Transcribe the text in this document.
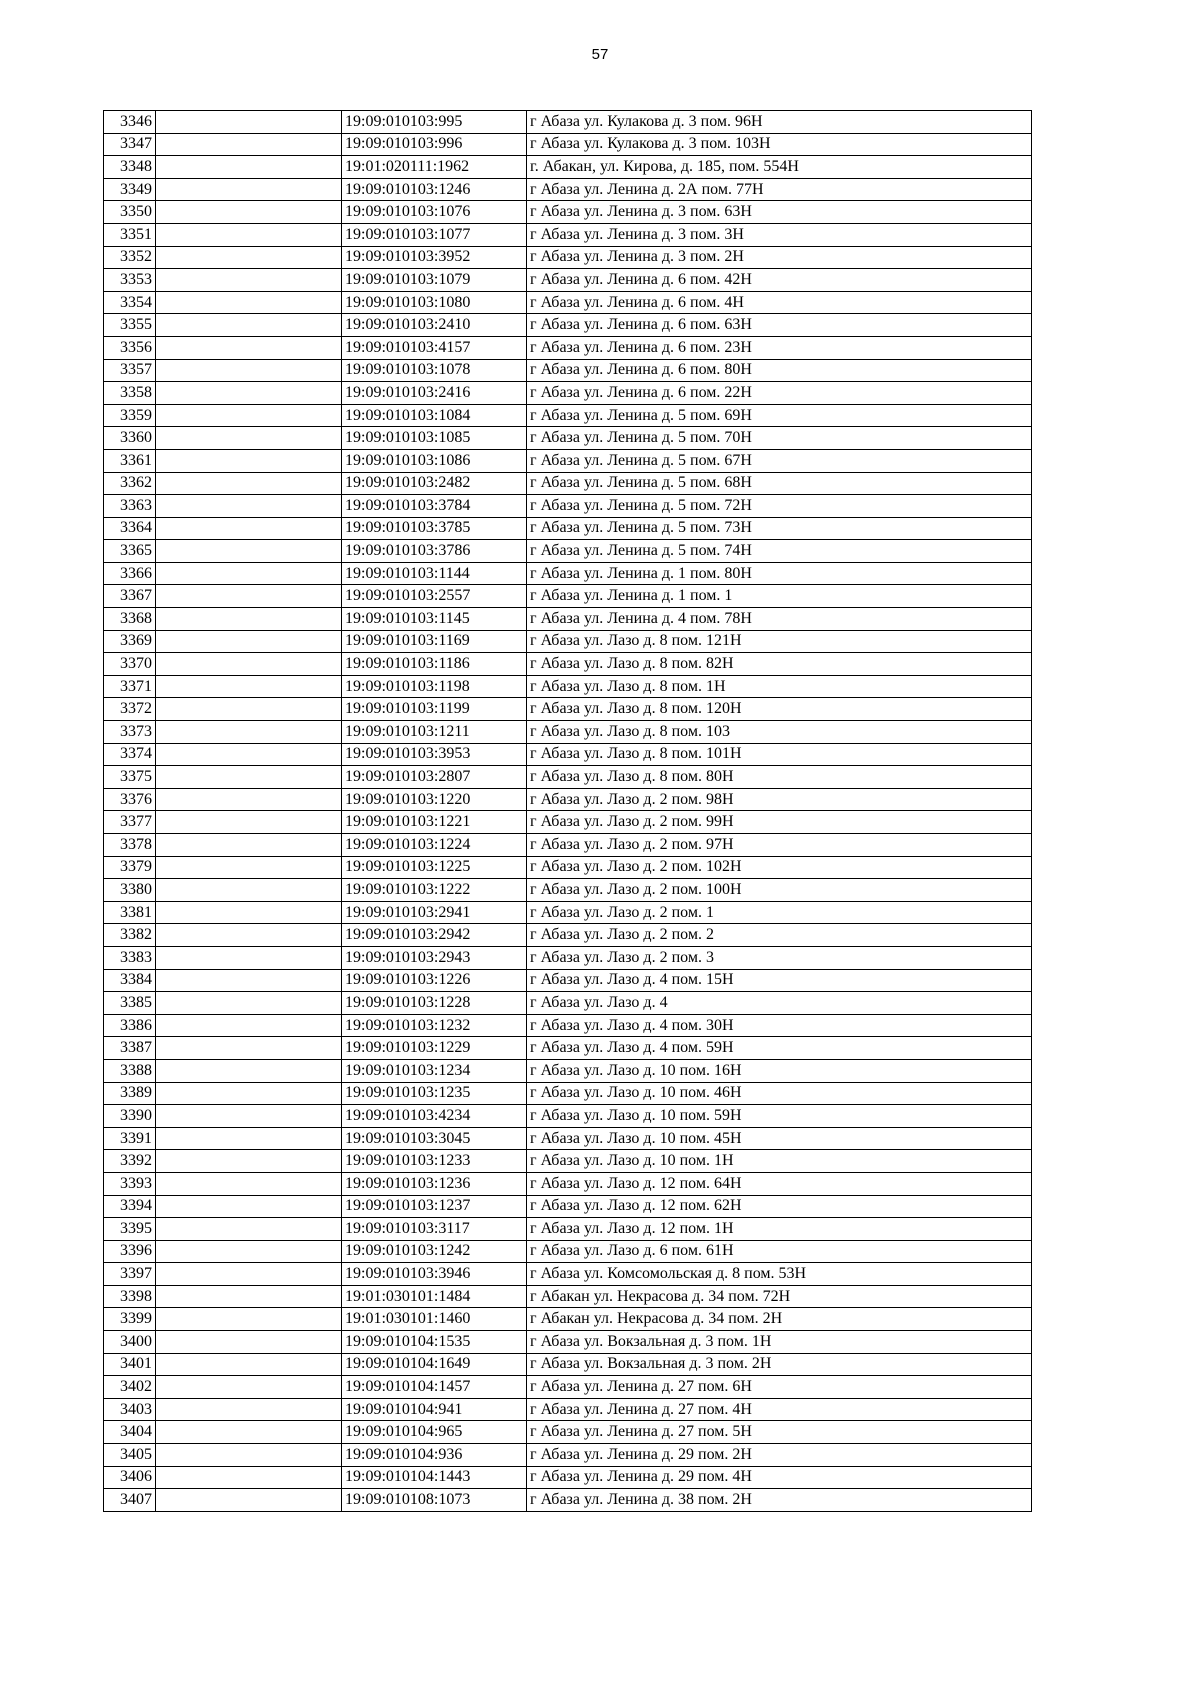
57
3346		19:09:010103:995	г Абаза ул. Кулакова д. 3 пом. 96Н
3347		19:09:010103:996	г Абаза ул. Кулакова д. 3 пом. 103Н
3348		19:01:020111:1962	г. Абакан, ул. Кирова, д. 185, пом. 554Н
3349		19:09:010103:1246	г Абаза ул. Ленина д. 2А пом. 77Н
3350		19:09:010103:1076	г Абаза ул. Ленина д. 3 пом. 63Н
3351		19:09:010103:1077	г Абаза ул. Ленина д. 3 пом. 3Н
3352		19:09:010103:3952	г Абаза ул. Ленина д. 3 пом. 2Н
3353		19:09:010103:1079	г Абаза ул. Ленина д. 6 пом. 42Н
3354		19:09:010103:1080	г Абаза ул. Ленина д. 6 пом. 4Н
3355		19:09:010103:2410	г Абаза ул. Ленина д. 6 пом. 63Н
3356		19:09:010103:4157	г Абаза ул. Ленина д. 6 пом. 23Н
3357		19:09:010103:1078	г Абаза ул. Ленина д. 6 пом. 80Н
3358		19:09:010103:2416	г Абаза ул. Ленина д. 6 пом. 22Н
3359		19:09:010103:1084	г Абаза ул. Ленина д. 5 пом. 69Н
3360		19:09:010103:1085	г Абаза ул. Ленина д. 5 пом. 70Н
3361		19:09:010103:1086	г Абаза ул. Ленина д. 5 пом. 67Н
3362		19:09:010103:2482	г Абаза ул. Ленина д. 5 пом. 68Н
3363		19:09:010103:3784	г Абаза ул. Ленина д. 5 пом. 72Н
3364		19:09:010103:3785	г Абаза ул. Ленина д. 5 пом. 73Н
3365		19:09:010103:3786	г Абаза ул. Ленина д. 5 пом. 74Н
3366		19:09:010103:1144	г Абаза ул. Ленина д. 1 пом. 80Н
3367		19:09:010103:2557	г Абаза ул. Ленина д. 1 пом. 1
3368		19:09:010103:1145	г Абаза ул. Ленина д. 4 пом. 78Н
3369		19:09:010103:1169	г Абаза ул. Лазо д. 8 пом. 121Н
3370		19:09:010103:1186	г Абаза ул. Лазо д. 8 пом. 82Н
3371		19:09:010103:1198	г Абаза ул. Лазо д. 8 пом. 1Н
3372		19:09:010103:1199	г Абаза ул. Лазо д. 8 пом. 120Н
3373		19:09:010103:1211	г Абаза ул. Лазо д. 8 пом. 103
3374		19:09:010103:3953	г Абаза ул. Лазо д. 8 пом. 101Н
3375		19:09:010103:2807	г Абаза ул. Лазо д. 8 пом. 80Н
3376		19:09:010103:1220	г Абаза ул. Лазо д. 2 пом. 98Н
3377		19:09:010103:1221	г Абаза ул. Лазо д. 2 пом. 99Н
3378		19:09:010103:1224	г Абаза ул. Лазо д. 2 пом. 97Н
3379		19:09:010103:1225	г Абаза ул. Лазо д. 2 пом. 102Н
3380		19:09:010103:1222	г Абаза ул. Лазо д. 2 пом. 100Н
3381		19:09:010103:2941	г Абаза ул. Лазо д. 2 пом. 1
3382		19:09:010103:2942	г Абаза ул. Лазо д. 2 пом. 2
3383		19:09:010103:2943	г Абаза ул. Лазо д. 2 пом. 3
3384		19:09:010103:1226	г Абаза ул. Лазо д. 4 пом. 15Н
3385		19:09:010103:1228	г Абаза ул. Лазо д. 4
3386		19:09:010103:1232	г Абаза ул. Лазо д. 4 пом. 30Н
3387		19:09:010103:1229	г Абаза ул. Лазо д. 4 пом. 59Н
3388		19:09:010103:1234	г Абаза ул. Лазо д. 10 пом. 16Н
3389		19:09:010103:1235	г Абаза ул. Лазо д. 10 пом. 46Н
3390		19:09:010103:4234	г Абаза ул. Лазо д. 10 пом. 59Н
3391		19:09:010103:3045	г Абаза ул. Лазо д. 10 пом. 45Н
3392		19:09:010103:1233	г Абаза ул. Лазо д. 10 пом. 1Н
3393		19:09:010103:1236	г Абаза ул. Лазо д. 12 пом. 64Н
3394		19:09:010103:1237	г Абаза ул. Лазо д. 12 пом. 62Н
3395		19:09:010103:3117	г Абаза ул. Лазо д. 12 пом. 1Н
3396		19:09:010103:1242	г Абаза ул. Лазо д. 6 пом. 61Н
3397		19:09:010103:3946	г Абаза ул. Комсомольская д. 8 пом. 53Н
3398		19:01:030101:1484	г Абакан ул. Некрасова д. 34 пом. 72Н
3399		19:01:030101:1460	г Абакан ул. Некрасова д. 34 пом. 2Н
3400		19:09:010104:1535	г Абаза ул. Вокзальная д. 3 пом. 1Н
3401		19:09:010104:1649	г Абаза ул. Вокзальная д. 3 пом. 2Н
3402		19:09:010104:1457	г Абаза ул. Ленина д. 27 пом. 6Н
3403		19:09:010104:941	г Абаза ул. Ленина д. 27 пом. 4Н
3404		19:09:010104:965	г Абаза ул. Ленина д. 27 пом. 5Н
3405		19:09:010104:936	г Абаза ул. Ленина д. 29 пом. 2Н
3406		19:09:010104:1443	г Абаза ул. Ленина д. 29 пом. 4Н
3407		19:09:010108:1073	г Абаза ул. Ленина д. 38 пом. 2Н
